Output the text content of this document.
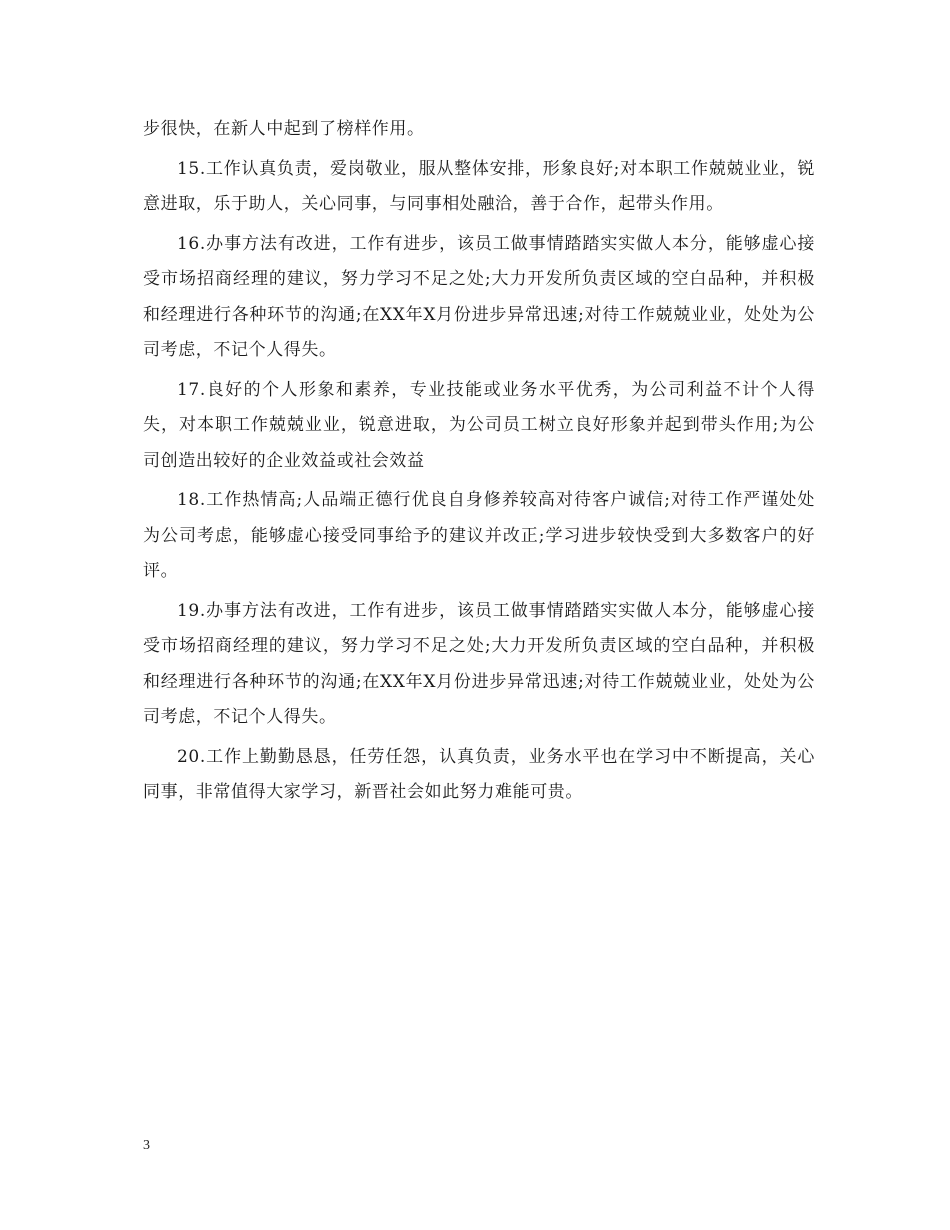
步很快，在新人中起到了榜样作用。

15.工作认真负责，爱岗敬业，服从整体安排，形象良好;对本职工作兢兢业业，锐意进取，乐于助人，关心同事，与同事相处融洽，善于合作，起带头作用。

16.办事方法有改进，工作有进步，该员工做事情踏踏实实做人本分，能够虚心接受市场招商经理的建议，努力学习不足之处;大力开发所负责区域的空白品种，并积极和经理进行各种环节的沟通;在XX年X月份进步异常迅速;对待工作兢兢业业，处处为公司考虑，不记个人得失。

17.良好的个人形象和素养，专业技能或业务水平优秀，为公司利益不计个人得失，对本职工作兢兢业业，锐意进取，为公司员工树立良好形象并起到带头作用;为公司创造出较好的企业效益或社会效益

18.工作热情高;人品端正德行优良自身修养较高对待客户诚信;对待工作严谨处处为公司考虑，能够虚心接受同事给予的建议并改正;学习进步较快受到大多数客户的好评。

19.办事方法有改进，工作有进步，该员工做事情踏踏实实做人本分，能够虚心接受市场招商经理的建议，努力学习不足之处;大力开发所负责区域的空白品种，并积极和经理进行各种环节的沟通;在XX年X月份进步异常迅速;对待工作兢兢业业，处处为公司考虑，不记个人得失。

20.工作上勤勤恳恳，任劳任怨，认真负责，业务水平也在学习中不断提高，关心同事，非常值得大家学习，新晋社会如此努力难能可贵。

3
